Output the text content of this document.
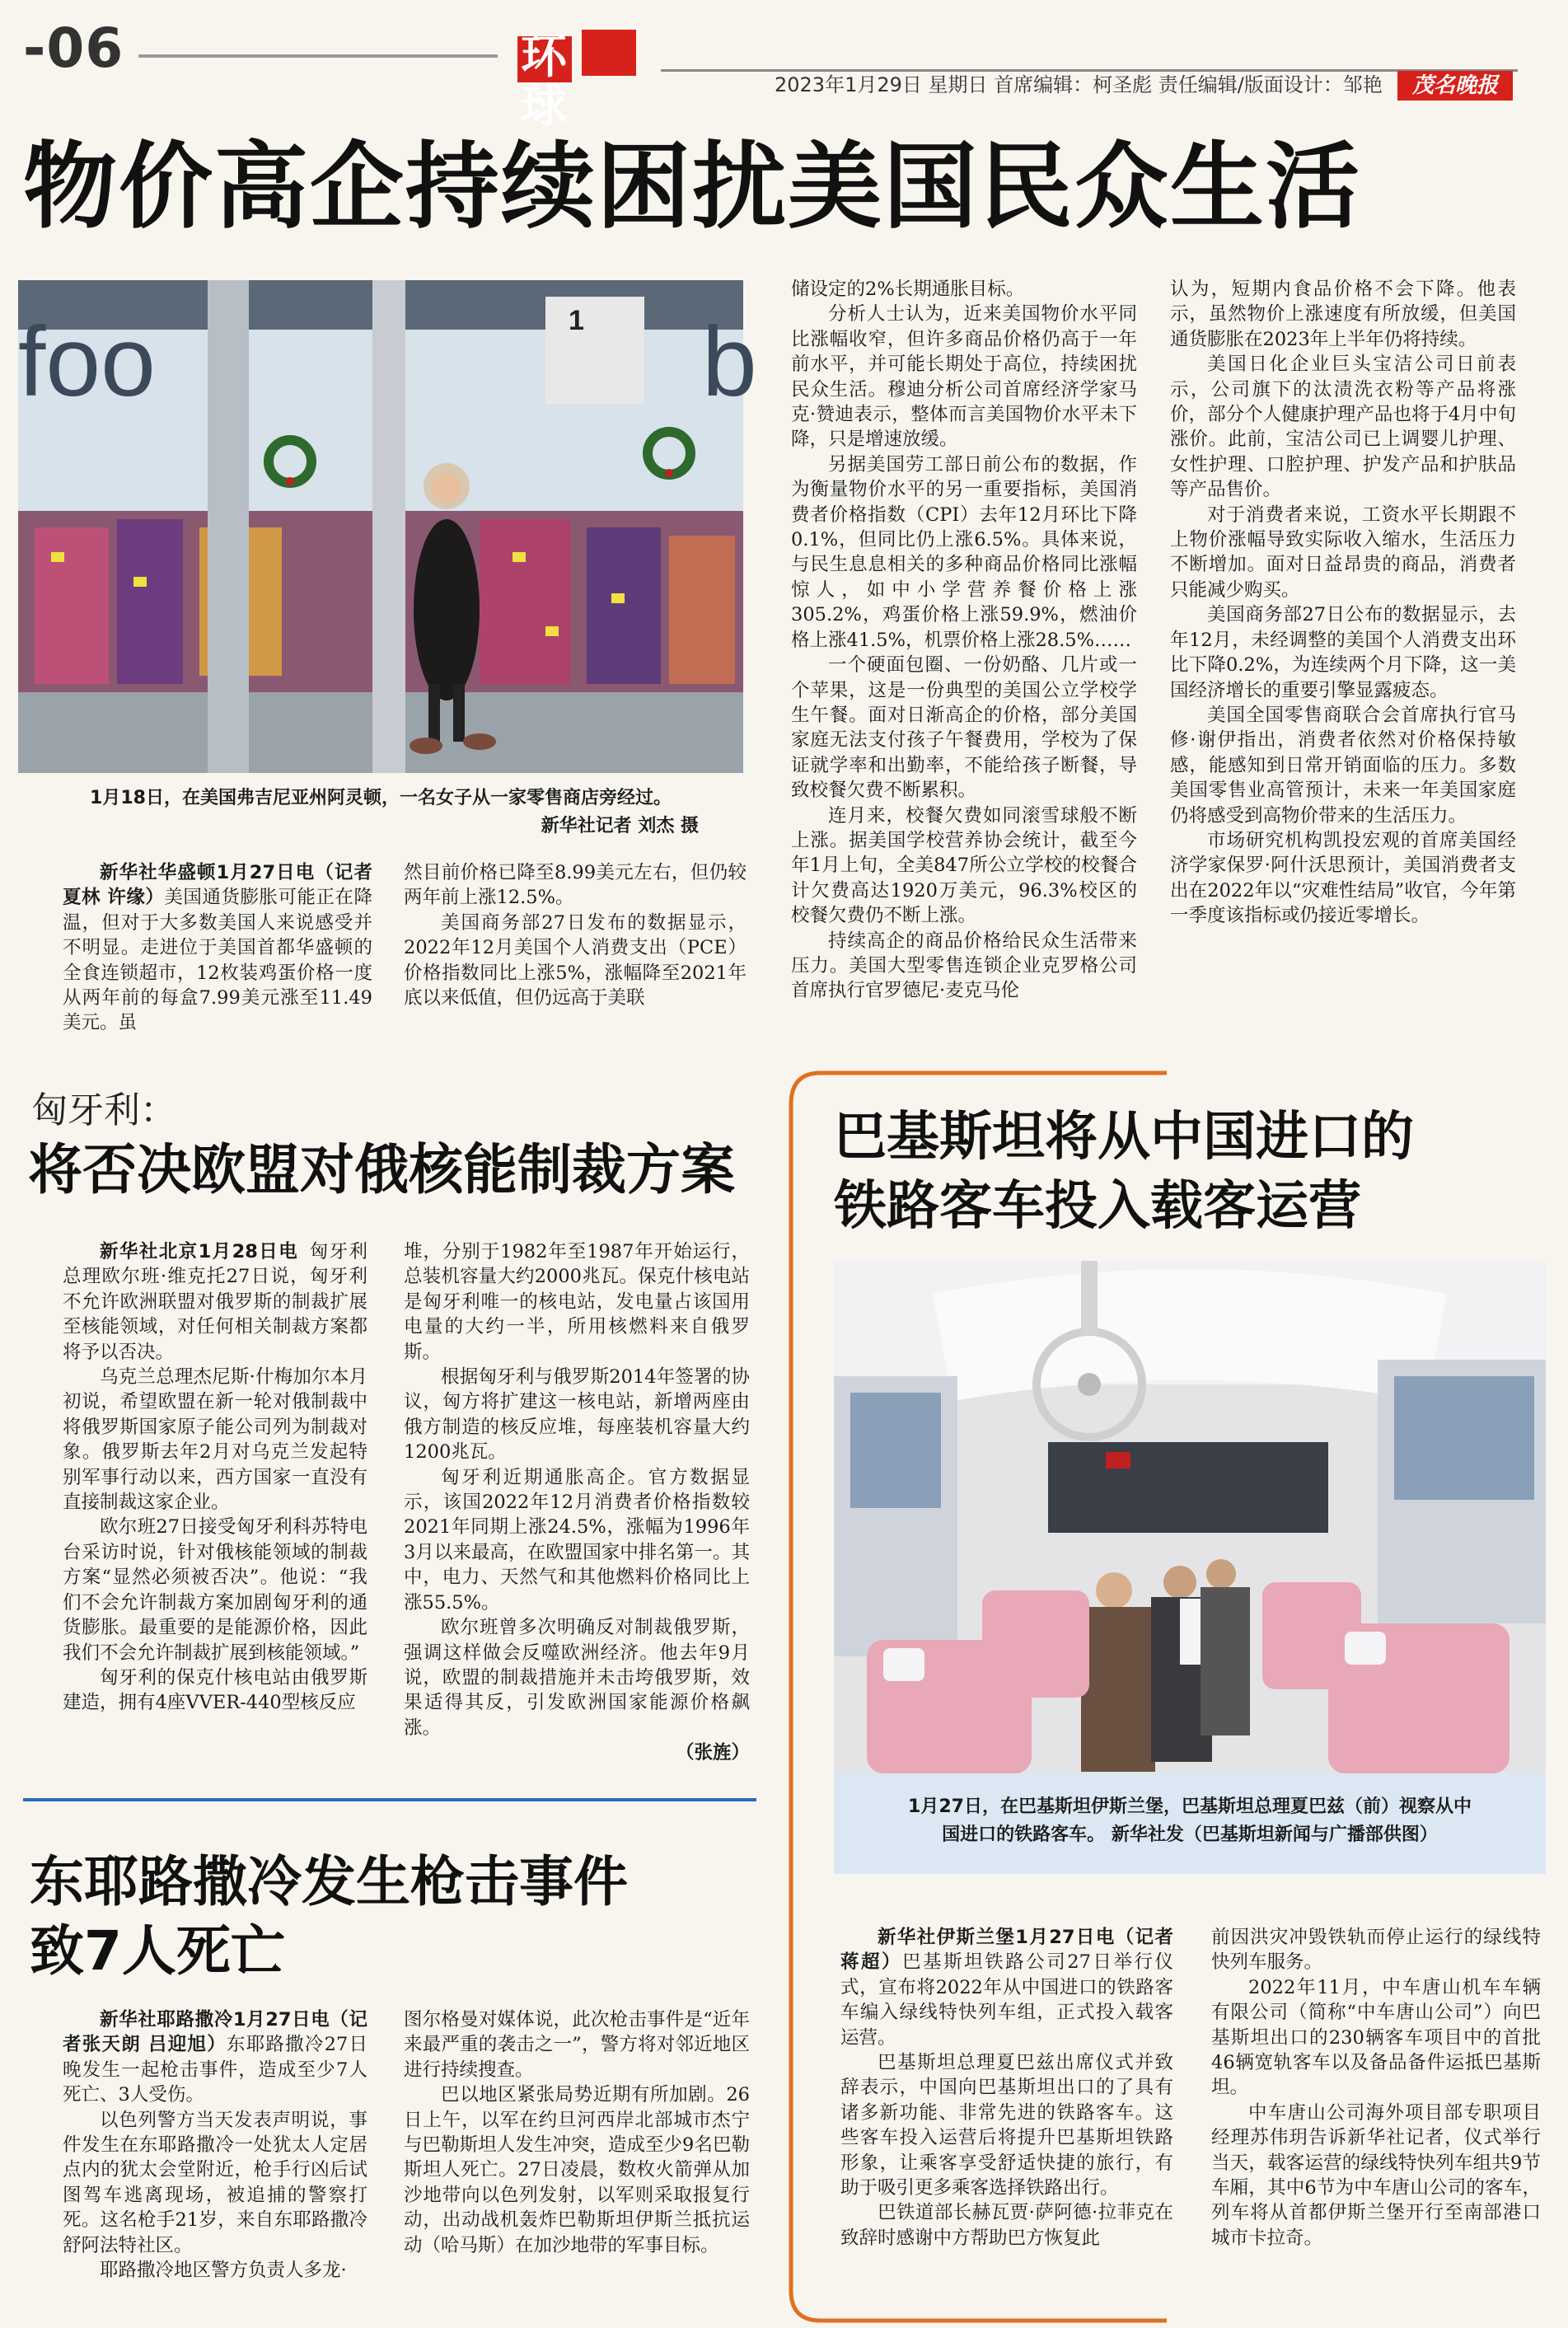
-06	环球	2023年1月29日 星期日 首席编辑：柯圣彪 责任编辑/版面设计：邹艳	茂名晚报
物价高企持续困扰美国民众生活
foo	b
1
1月18日，在美国弗吉尼亚州阿灵顿，一名女子从一家零售商店旁经过。
新华社记者 刘杰 摄

新华社华盛顿1月27日电（记者夏林 许缘）美国通货膨胀可能正在降温，但对于大多数美国人来说感受并不明显。走进位于美国首都华盛顿的全食连锁超市，12枚装鸡蛋价格一度从两年前的每盒7.99美元涨至11.49美元。虽

然目前价格已降至8.99美元左右，但仍较两年前上涨12.5%。

美国商务部27日发布的数据显示，2022年12月美国个人消费支出（PCE）价格指数同比上涨5%，涨幅降至2021年底以来低值，但仍远高于美联

储设定的2%长期通胀目标。

分析人士认为，近来美国物价水平同比涨幅收窄，但许多商品价格仍高于一年前水平，并可能长期处于高位，持续困扰民众生活。穆迪分析公司首席经济学家马克·赞迪表示，整体而言美国物价水平未下降，只是增速放缓。

另据美国劳工部日前公布的数据，作为衡量物价水平的另一重要指标，美国消费者价格指数（CPI）去年12月环比下降0.1%，但同比仍上涨6.5%。具体来说，与民生息息相关的多种商品价格同比涨幅惊人，如中小学营养餐价格上涨305.2%，鸡蛋价格上涨59.9%，燃油价格上涨41.5%，机票价格上涨28.5%……

一个硬面包圈、一份奶酪、几片或一个苹果，这是一份典型的美国公立学校学生午餐。面对日渐高企的价格，部分美国家庭无法支付孩子午餐费用，学校为了保证就学率和出勤率，不能给孩子断餐，导致校餐欠费不断累积。

连月来，校餐欠费如同滚雪球般不断上涨。据美国学校营养协会统计，截至今年1月上旬，全美847所公立学校的校餐合计欠费高达1920万美元，96.3%校区的校餐欠费仍不断上涨。

持续高企的商品价格给民众生活带来压力。美国大型零售连锁企业克罗格公司首席执行官罗德尼·麦克马伦

认为，短期内食品价格不会下降。他表示，虽然物价上涨速度有所放缓，但美国通货膨胀在2023年上半年仍将持续。

美国日化企业巨头宝洁公司日前表示，公司旗下的汰渍洗衣粉等产品将涨价，部分个人健康护理产品也将于4月中旬涨价。此前，宝洁公司已上调婴儿护理、女性护理、口腔护理、护发产品和护肤品等产品售价。

对于消费者来说，工资水平长期跟不上物价涨幅导致实际收入缩水，生活压力不断增加。面对日益昂贵的商品，消费者只能减少购买。

美国商务部27日公布的数据显示，去年12月，未经调整的美国个人消费支出环比下降0.2%，为连续两个月下降，这一美国经济增长的重要引擎显露疲态。

美国全国零售商联合会首席执行官马修·谢伊指出，消费者依然对价格保持敏感，能感知到日常开销面临的压力。多数美国零售业高管预计，未来一年美国家庭仍将感受到高物价带来的生活压力。

市场研究机构凯投宏观的首席美国经济学家保罗·阿什沃思预计，美国消费者支出在2022年以“灾难性结局”收官，今年第一季度该指标或仍接近零增长。

匈牙利：
将否决欧盟对俄核能制裁方案

新华社北京1月28日电 匈牙利总理欧尔班·维克托27日说，匈牙利不允许欧洲联盟对俄罗斯的制裁扩展至核能领域，对任何相关制裁方案都将予以否决。

乌克兰总理杰尼斯·什梅加尔本月初说，希望欧盟在新一轮对俄制裁中将俄罗斯国家原子能公司列为制裁对象。俄罗斯去年2月对乌克兰发起特别军事行动以来，西方国家一直没有直接制裁这家企业。

欧尔班27日接受匈牙利科苏特电台采访时说，针对俄核能领域的制裁方案“显然必须被否决”。他说：“我们不会允许制裁方案加剧匈牙利的通货膨胀。最重要的是能源价格，因此我们不会允许制裁扩展到核能领域。”

匈牙利的保克什核电站由俄罗斯建造，拥有4座VVER-440型核反应

堆，分别于1982年至1987年开始运行，总装机容量大约2000兆瓦。保克什核电站是匈牙利唯一的核电站，发电量占该国用电量的大约一半，所用核燃料来自俄罗斯。

根据匈牙利与俄罗斯2014年签署的协议，匈方将扩建这一核电站，新增两座由俄方制造的核反应堆，每座装机容量大约1200兆瓦。

匈牙利近期通胀高企。官方数据显示，该国2022年12月消费者价格指数较2021年同期上涨24.5%，涨幅为1996年3月以来最高，在欧盟国家中排名第一。其中，电力、天然气和其他燃料价格同比上涨55.5%。

欧尔班曾多次明确反对制裁俄罗斯，强调这样做会反噬欧洲经济。他去年9月说，欧盟的制裁措施并未击垮俄罗斯，效果适得其反，引发欧洲国家能源价格飙涨。

（张旌）

东耶路撒冷发生枪击事件
致7人死亡

新华社耶路撒冷1月27日电（记者张天朗 吕迎旭）东耶路撒冷27日晚发生一起枪击事件，造成至少7人死亡、3人受伤。

以色列警方当天发表声明说，事件发生在东耶路撒冷一处犹太人定居点内的犹太会堂附近，枪手行凶后试图驾车逃离现场，被追捕的警察打死。这名枪手21岁，来自东耶路撒冷舒阿法特社区。

耶路撒冷地区警方负责人多龙·

图尔格曼对媒体说，此次枪击事件是“近年来最严重的袭击之一”，警方将对邻近地区进行持续搜查。

巴以地区紧张局势近期有所加剧。26日上午，以军在约旦河西岸北部城市杰宁与巴勒斯坦人发生冲突，造成至少9名巴勒斯坦人死亡。27日凌晨，数枚火箭弹从加沙地带向以色列发射，以军则采取报复行动，出动战机轰炸巴勒斯坦伊斯兰抵抗运动（哈马斯）在加沙地带的军事目标。

巴基斯坦将从中国进口的
铁路客车投入载客运营
1月27日，在巴基斯坦伊斯兰堡，巴基斯坦总理夏巴兹（前）视察从中
国进口的铁路客车。 新华社发（巴基斯坦新闻与广播部供图）

新华社伊斯兰堡1月27日电（记者蒋超）巴基斯坦铁路公司27日举行仪式，宣布将2022年从中国进口的铁路客车编入绿线特快列车组，正式投入载客运营。

巴基斯坦总理夏巴兹出席仪式并致辞表示，中国向巴基斯坦出口的了具有诸多新功能、非常先进的铁路客车。这些客车投入运营后将提升巴基斯坦铁路形象，让乘客享受舒适快捷的旅行，有助于吸引更多乘客选择铁路出行。

巴铁道部长赫瓦贾·萨阿德·拉菲克在致辞时感谢中方帮助巴方恢复此

前因洪灾冲毁铁轨而停止运行的绿线特快列车服务。

2022年11月，中车唐山机车车辆有限公司（简称“中车唐山公司”）向巴基斯坦出口的230辆客车项目中的首批46辆宽轨客车以及备品备件运抵巴基斯坦。

中车唐山公司海外项目部专职项目经理苏伟玥告诉新华社记者，仪式举行当天，载客运营的绿线特快列车组共9节车厢，其中6节为中车唐山公司的客车，列车将从首都伊斯兰堡开行至南部港口城市卡拉奇。
